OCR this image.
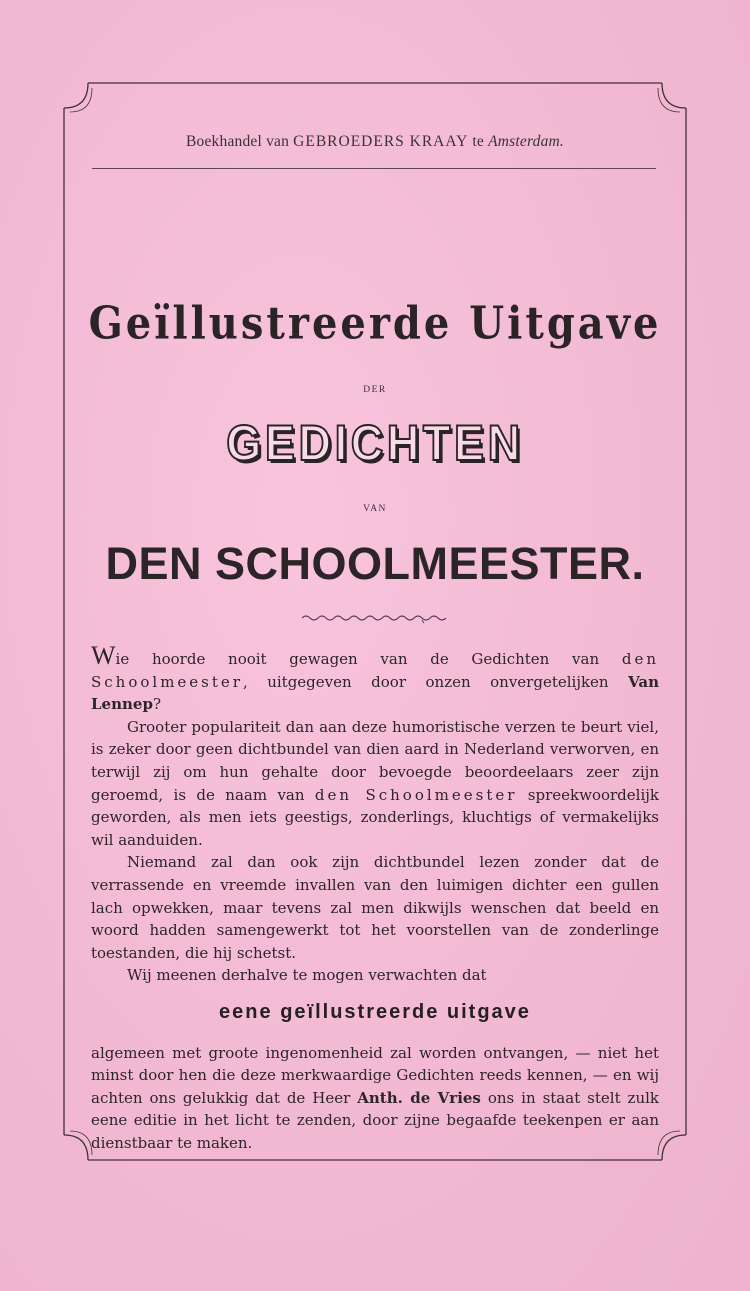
Boekhandel van GEBROEDERS KRAAY te Amsterdam.
Geïllustreerde Uitgave
DER
GEDICHTEN
VAN
DEN SCHOOLMEESTER.

Wie hoorde nooit gewagen van de Gedichten van den Schoolmeester, uitgegeven door onzen onvergetelijken Van Lennep?

Grooter populariteit dan aan deze humoristische verzen te beurt viel, is zeker door geen dichtbundel van dien aard in Nederland verworven, en terwijl zij om hun gehalte door bevoegde beoordeelaars zeer zijn geroemd, is de naam van den Schoolmeester spreekwoordelijk geworden, als men iets geestigs, zonderlings, kluchtigs of vermakelijks wil aanduiden.

Niemand zal dan ook zijn dichtbundel lezen zonder dat de verrassende en vreemde invallen van den luimigen dichter een gullen lach opwekken, maar tevens zal men dikwijls wenschen dat beeld en woord hadden samengewerkt tot het voorstellen van de zonderlinge toestanden, die hij schetst.

Wij meenen derhalve te mogen verwachten dat

eene geïllustreerde uitgave

algemeen met groote ingenomenheid zal worden ontvangen, — niet het minst door hen die deze merkwaardige Gedichten reeds kennen, — en wij achten ons gelukkig dat de Heer Anth. de Vries ons in staat stelt zulk eene editie in het licht te zenden, door zijne begaafde teekenpen er aan dienstbaar te maken.
